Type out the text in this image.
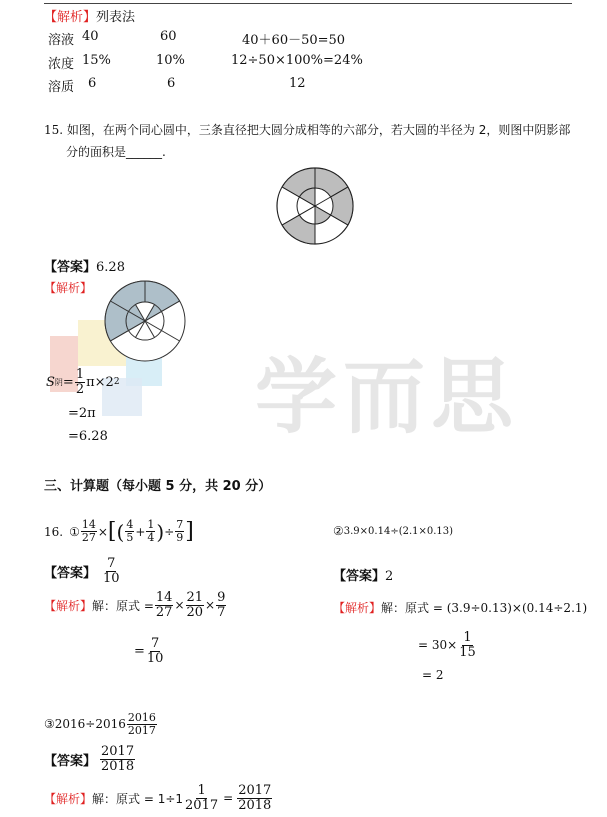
学而思
【解析】列表法
溶液 40	60	40＋60－50=50
浓度 15%	10%	12÷50×100%=24%
溶质 6	6	12
15. 如图，在两个同心圆中，三条直径把大圆分成相等的六部分，若大圆的半径为 2，则图中阴影部
分的面积是______.
【答案】6.28
【解析】
S 阴 = $\frac{1}{2} \pi\times 2$ 2
=2π
=6.28
三、计算题（每小题 5 分，共 20 分）
16. ① $\frac{14}{27}$ × [ ( $\frac{4}{5} + \frac{1}{4}$ ) ÷ $\frac{7}{9}$ ]
【答案】 $\frac{7}{10}$
【解析】 解：原式 = $\frac{14}{27} \times \frac{21}{20} \times \frac{9}{7}$
= $\frac{7}{10}$
② 3.9×0.14÷(2.1×0.13)
【答案】2
【解析】解：原式 = (3.9÷0.13)×(0.14÷2.1)
= $30\times \frac{1}{15}$
= 2
③ $2016\div 2016 \frac{2016}{2017}$
【答案】 $\frac{2017}{2018}$
【解析】 解：原式 = $1\div 1 \frac{1}{2017} = \frac{2017}{2018}$
